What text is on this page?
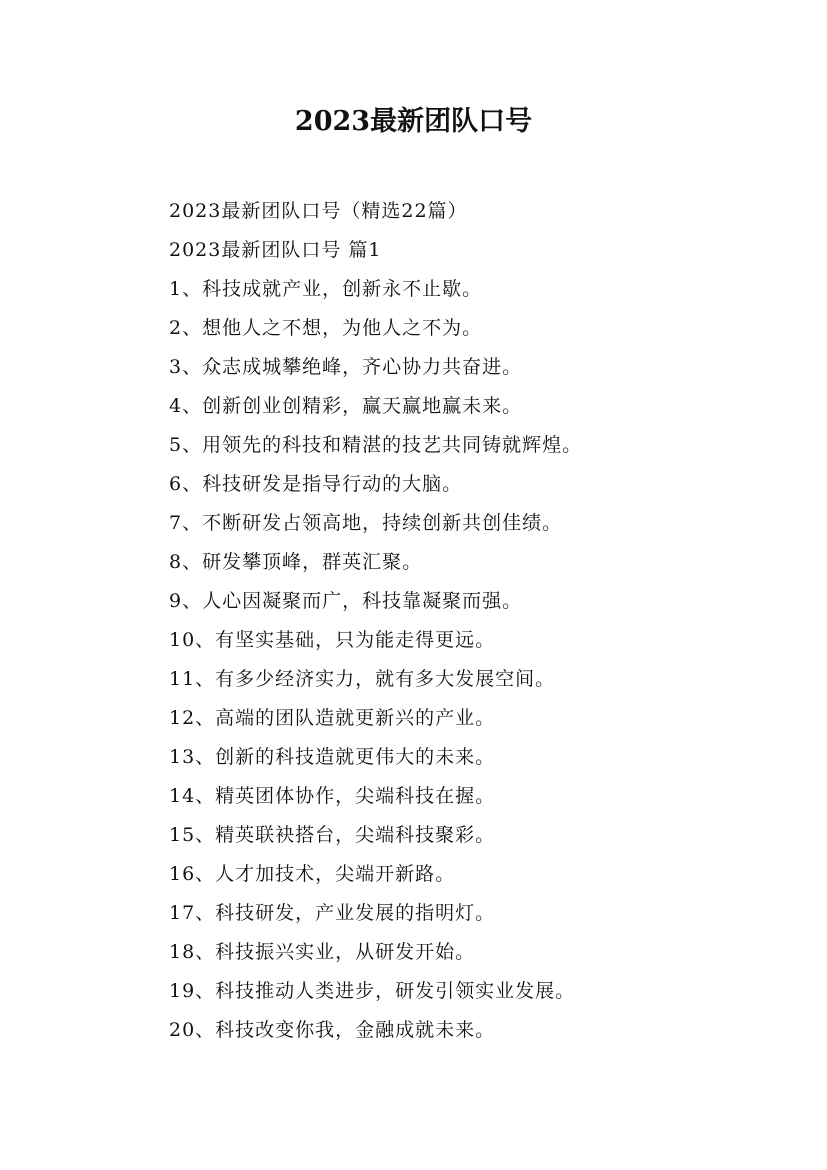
2023最新团队口号
2023最新团队口号（精选22篇）
2023最新团队口号 篇1
1、科技成就产业，创新永不止歇。
2、想他人之不想，为他人之不为。
3、众志成城攀绝峰，齐心协力共奋进。
4、创新创业创精彩，赢天赢地赢未来。
5、用领先的科技和精湛的技艺共同铸就辉煌。
6、科技研发是指导行动的大脑。
7、不断研发占领高地，持续创新共创佳绩。
8、研发攀顶峰，群英汇聚。
9、人心因凝聚而广，科技靠凝聚而强。
10、有坚实基础，只为能走得更远。
11、有多少经济实力，就有多大发展空间。
12、高端的团队造就更新兴的产业。
13、创新的科技造就更伟大的未来。
14、精英团体协作，尖端科技在握。
15、精英联袂搭台，尖端科技聚彩。
16、人才加技术，尖端开新路。
17、科技研发，产业发展的指明灯。
18、科技振兴实业，从研发开始。
19、科技推动人类进步，研发引领实业发展。
20、科技改变你我，金融成就未来。
